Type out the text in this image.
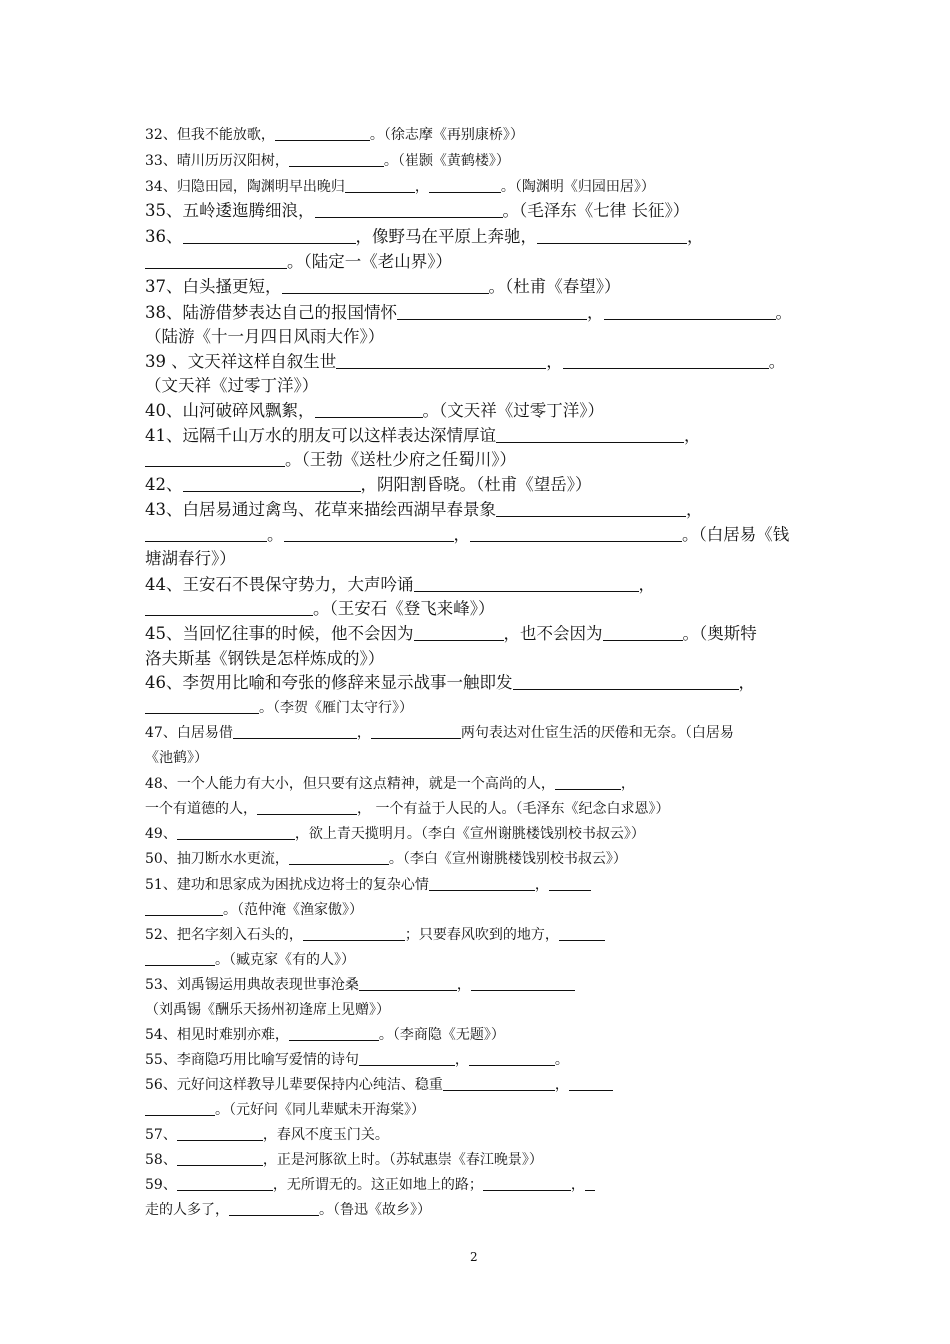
32、但我不能放歌，	。（徐志摩《再别康桥》）
33、晴川历历汉阳树，	。（崔颢《黄鹤楼》）
34、归隐田园，陶渊明早出晚归	，	。（陶渊明《归园田居》）
35、五岭逶迤腾细浪，	。（毛泽东《七律 长征》）
36、	，像野马在平原上奔驰，	，
。（陆定一《老山界》）
37、白头搔更短，	。（杜甫《春望》）
38、陆游借梦表达自己的报国情怀	，	。
（陆游《十一月四日风雨大作》）
39 、文天祥这样自叙生世	，	。
（文天祥《过零丁洋》）
40、山河破碎风飘絮，	。（文天祥《过零丁洋》）
41、远隔千山万水的朋友可以这样表达深情厚谊	，
。（王勃《送杜少府之任蜀川》）
42、	，阴阳割昏晓。（杜甫《望岳》）
43、白居易通过禽鸟、花草来描绘西湖早春景象	，
。	，	。（白居易《钱
塘湖春行》）
44、王安石不畏保守势力，大声吟诵	，
。（王安石《登飞来峰》）
45、当回忆往事的时候，他不会因为	，也不会因为	。（奥斯特
洛夫斯基《钢铁是怎样炼成的》）
46、李贺用比喻和夸张的修辞来显示战事一触即发	，
。（李贺《雁门太守行》）
47、白居易借	，	两句表达对仕宦生活的厌倦和无奈。（白居易
《池鹤》）
48、一个人能力有大小，但只要有这点精神，就是一个高尚的人，	，
一个有道德的人，	， 一个有益于人民的人。（毛泽东《纪念白求恩》）
49、	，欲上青天揽明月。（李白《宣州谢朓楼饯别校书叔云》）
50、抽刀断水水更流，	。（李白《宣州谢朓楼饯别校书叔云》）
51、建功和思家成为困扰戍边将士的复杂心情	，
。（范仲淹《渔家傲》）
52、把名字刻入石头的，	；只要春风吹到的地方，
。（臧克家《有的人》）
53、刘禹锡运用典故表现世事沧桑	，
（刘禹锡《酬乐天扬州初逢席上见赠》）
54、相见时难别亦难，	。（李商隐《无题》）
55、李商隐巧用比喻写爱情的诗句	，	。
56、元好问这样教导儿辈要保持内心纯洁、稳重	，
。（元好问《同儿辈赋未开海棠》）
57、	，春风不度玉门关。
58、	，正是河豚欲上时。（苏轼惠崇《春江晚景》）
59、	，无所谓无的。这正如地上的路；	，
走的人多了，	。（鲁迅《故乡》）
2
